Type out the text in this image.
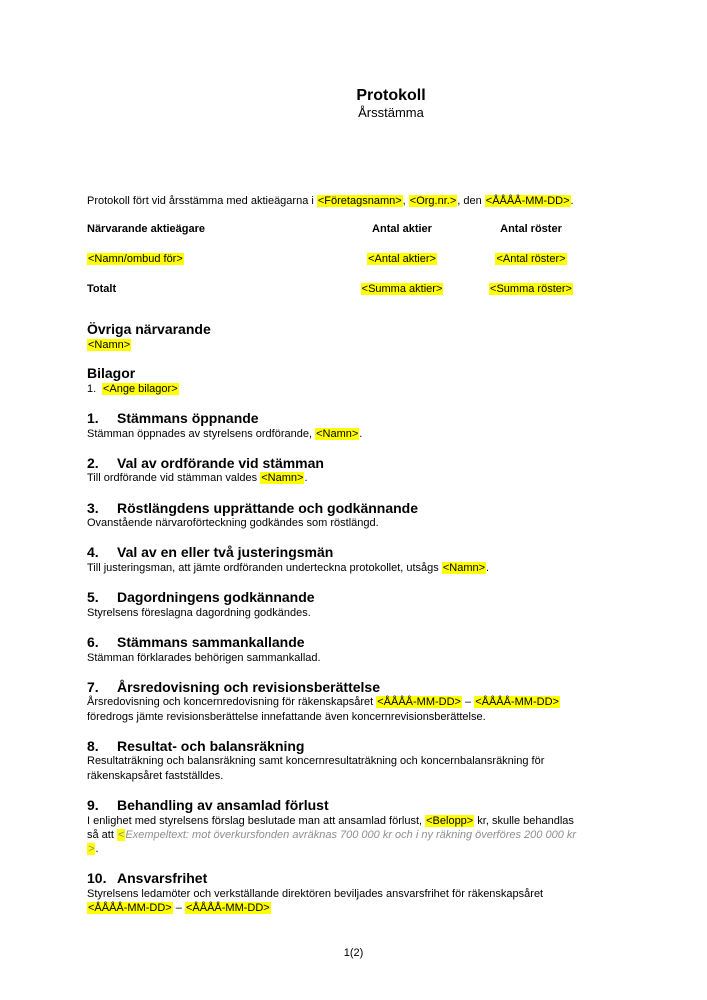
Protokoll
Årsstämma

Protokoll fört vid årsstämma med aktieägarna i <Företagsnamn>, <Org.nr.>, den <ÅÅÅÅ-MM-DD>.

Närvarande aktieägare	Antal aktier	Antal röster
<Namn/ombud för>	<Antal aktier>	<Antal röster>
Totalt	<Summa aktier>	<Summa röster>
Övriga närvarande
<Namn>
Bilagor
1. <Ange bilagor>
1.	Stämmans öppnande
Stämman öppnades av styrelsens ordförande, <Namn>.
2.	Val av ordförande vid stämman
Till ordförande vid stämman valdes <Namn>.
3.	Röstlängdens upprättande och godkännande
Ovanstående närvaroförteckning godkändes som röstlängd.
4.	Val av en eller två justeringsmän
Till justeringsman, att jämte ordföranden underteckna protokollet, utsågs <Namn>.
5.	Dagordningens godkännande
Styrelsens föreslagna dagordning godkändes.
6.	Stämmans sammankallande
Stämman förklarades behörigen sammankallad.
7.	Årsredovisning och revisionsberättelse
Årsredovisning och koncernredovisning för räkenskapsåret <ÅÅÅÅ-MM-DD> – <ÅÅÅÅ-MM-DD>
föredrogs jämte revisionsberättelse innefattande även koncernrevisionsberättelse.
8.	Resultat- och balansräkning
Resultaträkning och balansräkning samt koncernresultaträkning och koncernbalansräkning för
räkenskapsåret fastställdes.
9.	Behandling av ansamlad förlust
I enlighet med styrelsens förslag beslutade man att ansamlad förlust, <Belopp> kr, skulle behandlas
så att <Exempeltext: mot överkursfonden avräknas 700 000 kr och i ny räkning överföres 200 000 kr
>.
10. Ansvarsfrihet
Styrelsens ledamöter och verkställande direktören beviljades ansvarsfrihet för räkenskapsåret
<ÅÅÅÅ-MM-DD> – <ÅÅÅÅ-MM-DD>
1(2)
